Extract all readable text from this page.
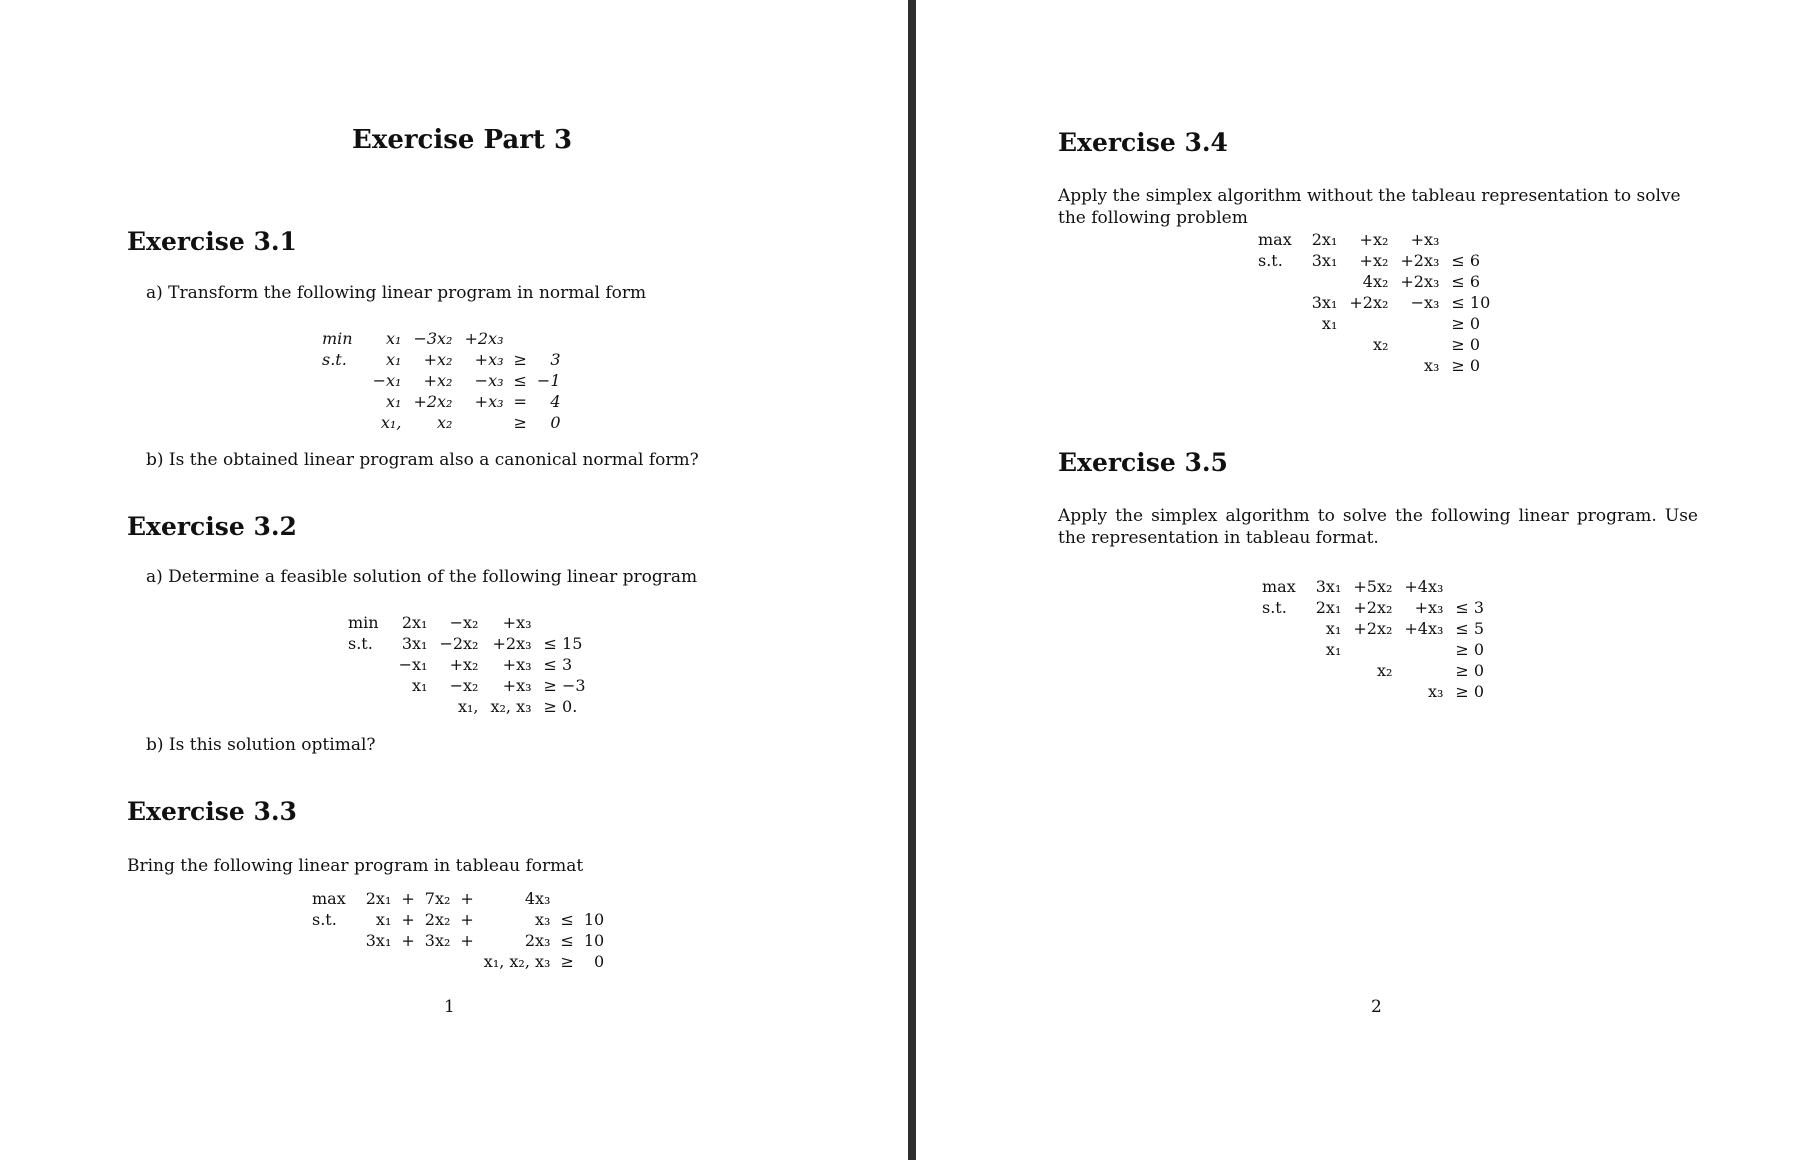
Exercise Part 3
Exercise 3.1
a) Transform the following linear program in normal form
min	x₁	−3x₂	+2x₃		
s.t.	x₁	+x₂	+x₃	≥	3
	−x₁	+x₂	−x₃	≤	−1
	x₁	+2x₂	+x₃	=	4
	x₁,	x₂		≥	0
b) Is the obtained linear program also a canonical normal form?
Exercise 3.2
a) Determine a feasible solution of the following linear program
min	2x₁	−x₂	+x₃	
s.t.	3x₁	−2x₂	+2x₃	≤ 15
	−x₁	+x₂	+x₃	≤ 3
	x₁	−x₂	+x₃	≥ −3
		x₁,	x₂, x₃	≥ 0.
b) Is this solution optimal?
Exercise 3.3
Bring the following linear program in tableau format
max	2x₁	+	7x₂	+	4x₃		
s.t.	x₁	+	2x₂	+	x₃	≤	10
	3x₁	+	3x₂	+	2x₃	≤	10
					x₁, x₂, x₃	≥	0
1
Exercise 3.4
Apply the simplex algorithm without the tableau representation to solve the following problem
max	2x₁	+x₂	+x₃	
s.t.	3x₁	+x₂	+2x₃	≤ 6
		4x₂	+2x₃	≤ 6
	3x₁	+2x₂	−x₃	≤ 10
	x₁			≥ 0
		x₂		≥ 0
			x₃	≥ 0
Exercise 3.5
Apply the simplex algorithm to solve the following linear program. Use the representation in tableau format.
max	3x₁	+5x₂	+4x₃	
s.t.	2x₁	+2x₂	+x₃	≤ 3
	x₁	+2x₂	+4x₃	≤ 5
	x₁			≥ 0
		x₂		≥ 0
			x₃	≥ 0
2
